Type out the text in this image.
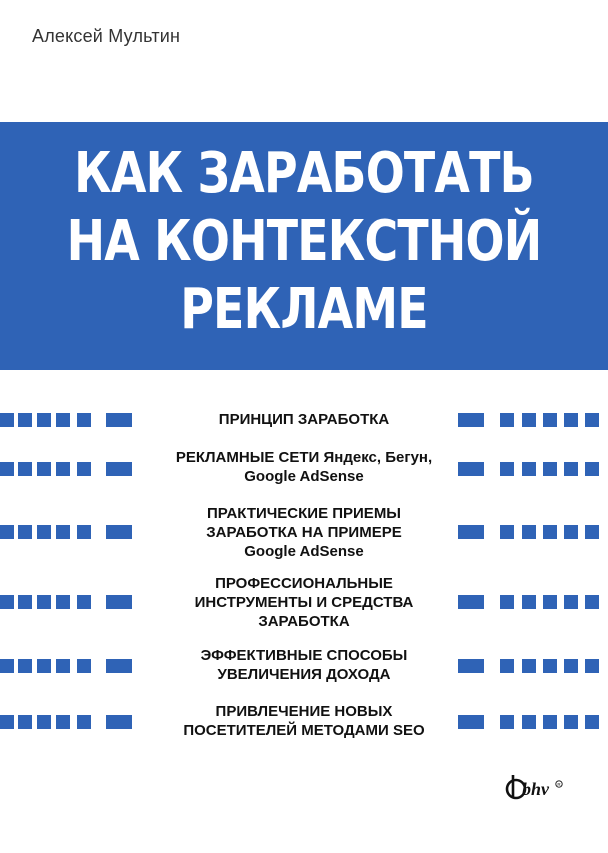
Алексей Мультин
КАК ЗАРАБОТАТЬ
НА КОНТЕКСТНОЙ
РЕКЛАМЕ
ПРИНЦИП ЗАРАБОТКА
РЕКЛАМНЫЕ СЕТИ Яндекс, Бегун,
Google AdSense
ПРАКТИЧЕСКИЕ ПРИЕМЫ
ЗАРАБОТКА НА ПРИМЕРЕ
Google AdSense
ПРОФЕССИОНАЛЬНЫЕ
ИНСТРУМЕНТЫ И СРЕДСТВА
ЗАРАБОТКА
ЭФФЕКТИВНЫЕ СПОСОБЫ
УВЕЛИЧЕНИЯ ДОХОДА
ПРИВЛЕЧЕНИЕ НОВЫХ
ПОСЕТИТЕЛЕЙ МЕТОДАМИ SEO
bhv R
